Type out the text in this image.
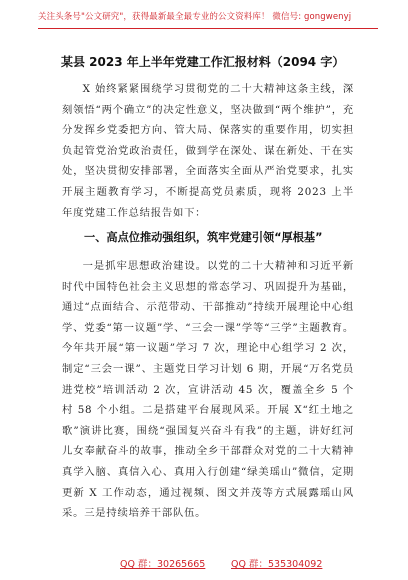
关注头条号"公文研究"，获得最新最全最专业的公文资料库！ 微信号: gongwenyj
某县 2023 年上半年党建工作汇报材料（2094 字）
X 始终紧紧围绕学习贯彻党的二十大精神这条主线，深刻领悟“两个确立”的决定性意义，坚决做到“两个维护”，充分发挥乡党委把方向、管大局、保落实的重要作用，切实担负起管党治党政治责任，做到学在深处、谋在新处、干在实处，坚决贯彻安排部署，全面落实全面从严治党要求，扎实开展主题教育学习，不断提高党员素质，现将 2023 上半年度党建工作总结报告如下：
一、高点位推动强组织，筑牢党建引领“厚根基”
一是抓牢思想政治建设。以党的二十大精神和习近平新时代中国特色社会主义思想的常态学习、巩固提升为基础，通过“点面结合、示范带动、干部推动”持续开展理论中心组学、党委“第一议题”学、“三会一课”学等“三学”主题教育。今年共开展“第一议题”学习 7 次，理论中心组学习 2 次，制定“三会一课”、主题党日学习计划 6 期，开展“万名党员进党校”培训活动 2 次，宣讲活动 45 次，覆盖全乡 5 个村 58 个小组。二是搭建平台展现风采。开展 X“红土地之歌”演讲比赛，围绕“强国复兴奋斗有我”的主题，讲好红河儿女奉献奋斗的故事，推动全乡干部群众对党的二十大精神真学入脑、真信入心、真用入行创建“绿美瑶山”微信，定期更新 X 工作动态，通过视频、图文并茂等方式展露瑶山风采。三是持续培养干部队伍。
QQ 群：30265665	QQ 群：535304092
